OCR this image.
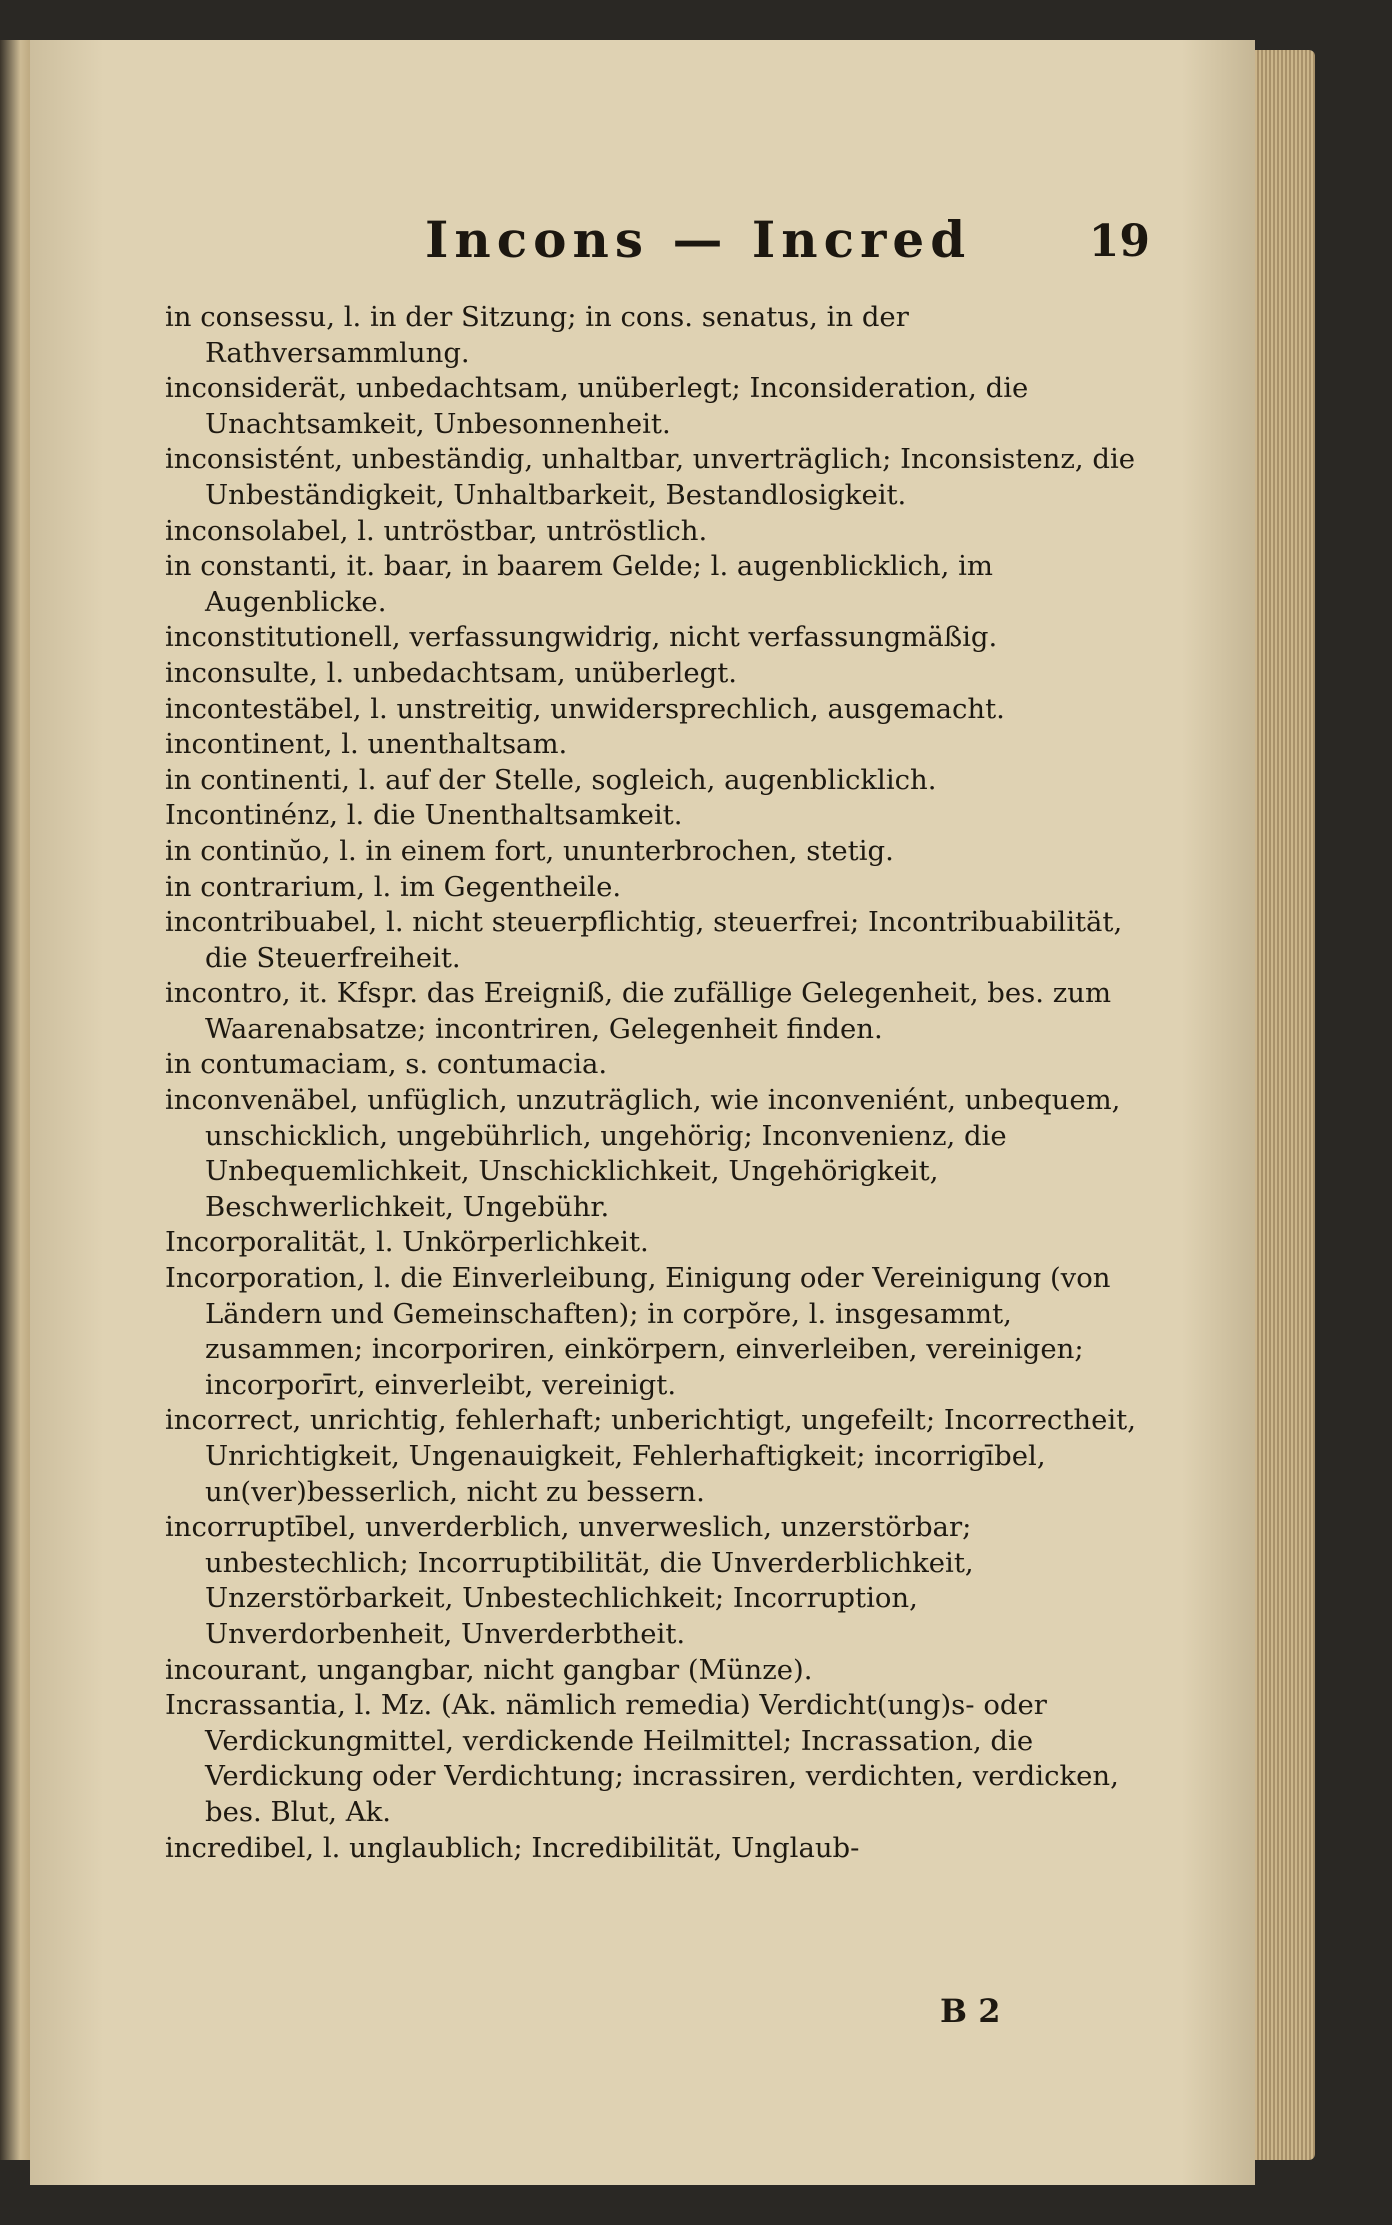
Incons — Incred	19

in consessu, l. in der Sitzung; in cons. senatus, in der Rathversammlung.

inconsiderät, unbedachtsam, unüberlegt; Inconsideration, die Unachtsamkeit, Unbesonnenheit.

inconsistént, unbeständig, unhaltbar, unverträglich; Inconsistenz, die Unbeständigkeit, Unhaltbarkeit, Bestandlosigkeit.

inconsolabel, l. untröstbar, untröstlich.

in constanti, it. baar, in baarem Gelde; l. augenblicklich, im Augenblicke.

inconstitutionell, verfassungwidrig, nicht verfassungmäßig.

inconsulte, l. unbedachtsam, unüberlegt.

incontestäbel, l. unstreitig, unwidersprechlich, ausgemacht.

incontinent, l. unenthaltsam.

in continenti, l. auf der Stelle, sogleich, augenblicklich.

Incontinénz, l. die Unenthaltsamkeit.

in continŭo, l. in einem fort, ununterbrochen, stetig.

in contrarium, l. im Gegentheile.

incontribuabel, l. nicht steuerpflichtig, steuerfrei; Incontribuabilität, die Steuerfreiheit.

incontro, it. Kfspr. das Ereigniß, die zufällige Gelegenheit, bes. zum Waarenabsatze; incontriren, Gelegenheit finden.

in contumaciam, s. contumacia.

inconvenäbel, unfüglich, unzuträglich, wie inconveniént, unbequem, unschicklich, ungebührlich, ungehörig; Inconvenienz, die Unbequemlichkeit, Unschicklichkeit, Ungehörigkeit, Beschwerlichkeit, Ungebühr.

Incorporalität, l. Unkörperlichkeit.

Incorporation, l. die Einverleibung, Einigung oder Vereinigung (von Ländern und Gemeinschaften); in corpŏre, l. insgesammt, zusammen; incorporiren, einkörpern, einverleiben, vereinigen; incorporīrt, einverleibt, vereinigt.

incorrect, unrichtig, fehlerhaft; unberichtigt, ungefeilt; Incorrectheit, Unrichtigkeit, Ungenauigkeit, Fehlerhaftigkeit; incorrigībel, un(ver)besserlich, nicht zu bessern.

incorruptībel, unverderblich, unverweslich, unzerstörbar; unbestechlich; Incorruptibilität, die Unverderblichkeit, Unzerstörbarkeit, Unbestechlichkeit; Incorruption, Unverdorbenheit, Unverderbtheit.

incourant, ungangbar, nicht gangbar (Münze).

Incrassantia, l. Mz. (Ak. nämlich remedia) Verdicht(ung)s- oder Verdickungmittel, verdickende Heilmittel; Incrassation, die Verdickung oder Verdichtung; incrassiren, verdichten, verdicken, bes. Blut, Ak.

incredibel, l. unglaublich; Incredibilität, Unglaub-

B 2
